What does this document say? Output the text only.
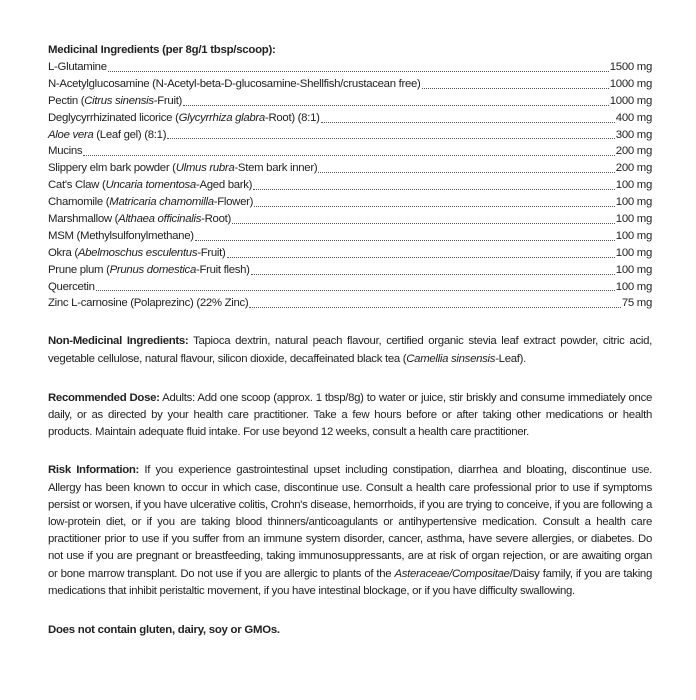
Medicinal Ingredients (per 8g/1 tbsp/scoop):
L-Glutamine	1500 mg
N-Acetylglucosamine (N-Acetyl-beta-D-glucosamine-Shellfish/crustacean free)	1000 mg
Pectin (Citrus sinensis-Fruit)	1000 mg
Deglycyrrhizinated licorice (Glycyrrhiza glabra-Root) (8:1)	400 mg
Aloe vera (Leaf gel) (8:1)	300 mg
Mucins	200 mg
Slippery elm bark powder (Ulmus rubra-Stem bark inner)	200 mg
Cat's Claw (Uncaria tomentosa-Aged bark)	100 mg
Chamomile (Matricaria chamomilla-Flower)	100 mg
Marshmallow (Althaea officinalis-Root)	100 mg
MSM (Methylsulfonylmethane)	100 mg
Okra (Abelmoschus esculentus-Fruit)	100 mg
Prune plum (Prunus domestica-Fruit flesh)	100 mg
Quercetin	100 mg
Zinc L-carnosine (Polaprezinc) (22% Zinc)	75 mg

Non-Medicinal Ingredients: Tapioca dextrin, natural peach flavour, certified organic stevia leaf extract powder, citric acid, vegetable cellulose, natural flavour, silicon dioxide, decaffeinated black tea (Camellia sinsensis-Leaf).

Recommended Dose: Adults: Add one scoop (approx. 1 tbsp/8g) to water or juice, stir briskly and consume immediately once daily, or as directed by your health care practitioner. Take a few hours before or after taking other medications or health products. Maintain adequate fluid intake. For use beyond 12 weeks, consult a health care practitioner.

Risk Information: If you experience gastrointestinal upset including constipation, diarrhea and bloating, discontinue use. Allergy has been known to occur in which case, discontinue use. Consult a health care professional prior to use if symptoms persist or worsen, if you have ulcerative colitis, Crohn's disease, hemorrhoids, if you are trying to conceive, if you are following a low-protein diet, or if you are taking blood thinners/anticoagulants or antihypertensive medication. Consult a health care practitioner prior to use if you suffer from an immune system disorder, cancer, asthma, have severe allergies, or diabetes. Do not use if you are pregnant or breastfeeding, taking immunosuppressants, are at risk of organ rejection, or are awaiting organ or bone marrow transplant. Do not use if you are allergic to plants of the Asteraceae/Compositae/Daisy family, if you are taking medications that inhibit peristaltic movement, if you have intestinal blockage, or if you have difficulty swallowing.

Does not contain gluten, dairy, soy or GMOs.
